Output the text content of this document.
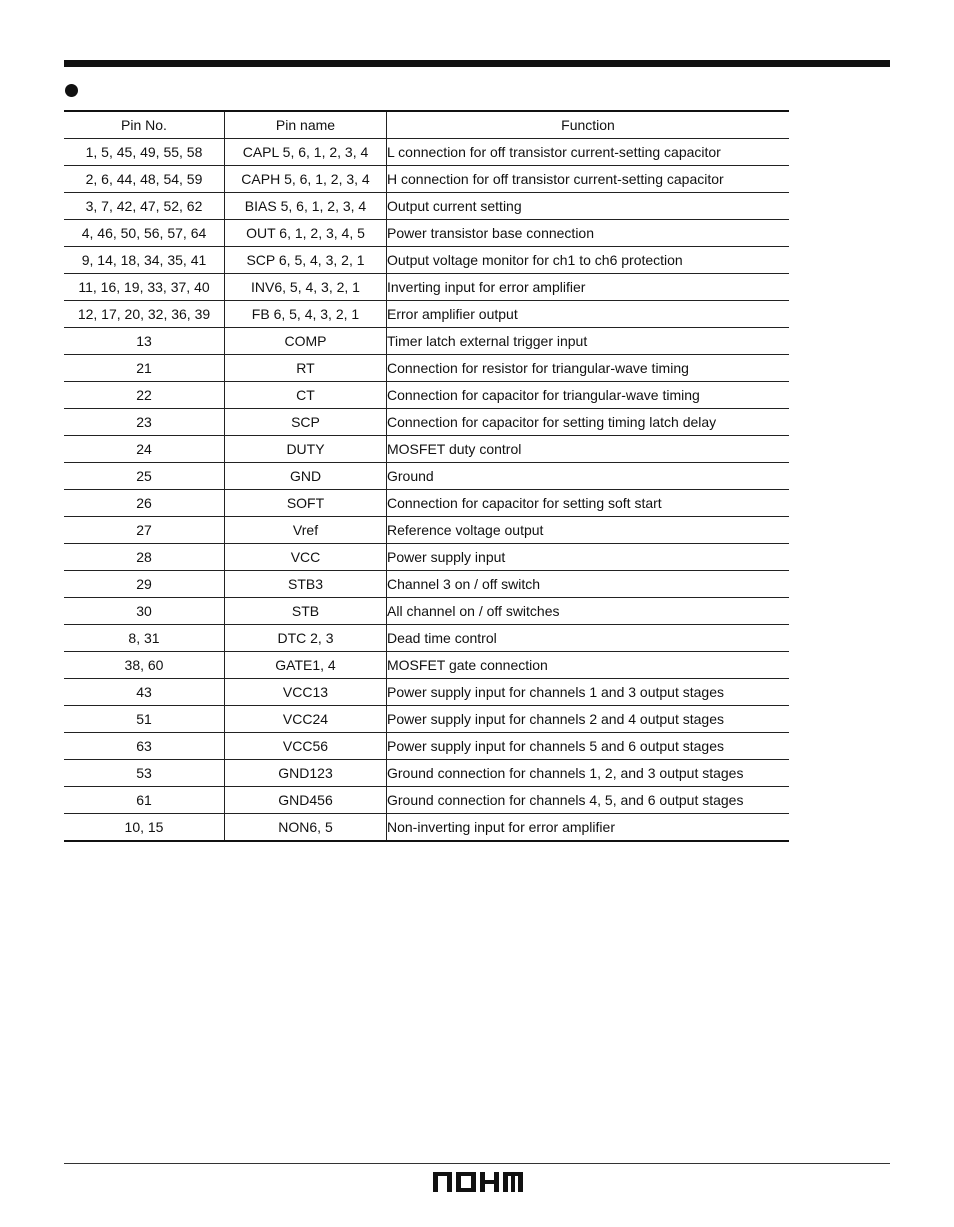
Pin No.	Pin name	Function
1, 5, 45, 49, 55, 58	CAPL 5, 6, 1, 2, 3, 4	L connection for off transistor current-setting capacitor
2, 6, 44, 48, 54, 59	CAPH 5, 6, 1, 2, 3, 4	H connection for off transistor current-setting capacitor
3, 7, 42, 47, 52, 62	BIAS 5, 6, 1, 2, 3, 4	Output current setting
4, 46, 50, 56, 57, 64	OUT 6, 1, 2, 3, 4, 5	Power transistor base connection
9, 14, 18, 34, 35, 41	SCP 6, 5, 4, 3, 2, 1	Output voltage monitor for ch1 to ch6 protection
11, 16, 19, 33, 37, 40	INV6, 5, 4, 3, 2, 1	Inverting input for error amplifier
12, 17, 20, 32, 36, 39	FB 6, 5, 4, 3, 2, 1	Error amplifier output
13	COMP	Timer latch external trigger input
21	RT	Connection for resistor for triangular-wave timing
22	CT	Connection for capacitor for triangular-wave timing
23	SCP	Connection for capacitor for setting timing latch delay
24	DUTY	MOSFET duty control
25	GND	Ground
26	SOFT	Connection for capacitor for setting soft start
27	Vref	Reference voltage output
28	VCC	Power supply input
29	STB3	Channel 3 on / off switch
30	STB	All channel on / off switches
8, 31	DTC 2, 3	Dead time control
38, 60	GATE1, 4	MOSFET gate connection
43	VCC13	Power supply input for channels 1 and 3 output stages
51	VCC24	Power supply input for channels 2 and 4 output stages
63	VCC56	Power supply input for channels 5 and 6 output stages
53	GND123	Ground connection for channels 1, 2, and 3 output stages
61	GND456	Ground connection for channels 4, 5, and 6 output stages
10, 15	NON6, 5	Non-inverting input for error amplifier
